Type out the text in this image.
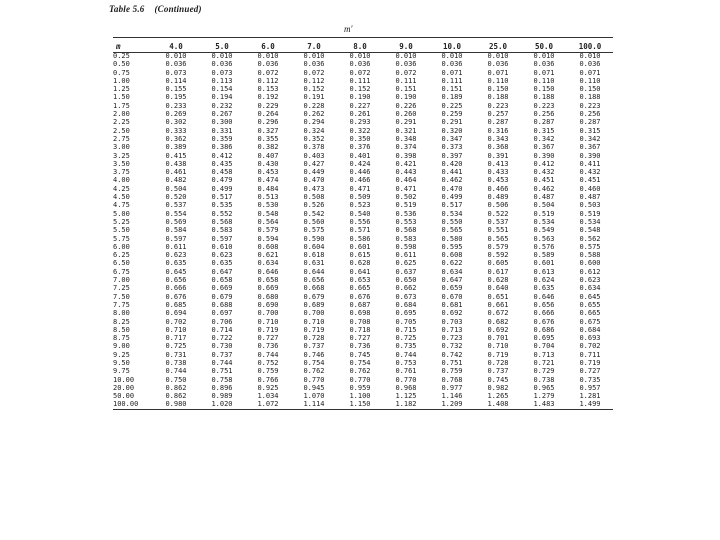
Table 5.6 (Continued)
m'
m	4.0	5.0	6.0	7.0	8.0	9.0	10.0	25.0	50.0	100.0
0.25	0.010	0.010	0.010	0.010	0.010	0.010	0.010	0.010	0.010	0.010
0.50	0.036	0.036	0.036	0.036	0.036	0.036	0.036	0.036	0.036	0.036
0.75	0.073	0.073	0.072	0.072	0.072	0.072	0.071	0.071	0.071	0.071
1.00	0.114	0.113	0.112	0.112	0.111	0.111	0.111	0.110	0.110	0.110
1.25	0.155	0.154	0.153	0.152	0.152	0.151	0.151	0.150	0.150	0.150
1.50	0.195	0.194	0.192	0.191	0.190	0.190	0.189	0.188	0.188	0.188
1.75	0.233	0.232	0.229	0.228	0.227	0.226	0.225	0.223	0.223	0.223
2.00	0.269	0.267	0.264	0.262	0.261	0.260	0.259	0.257	0.256	0.256
2.25	0.302	0.300	0.296	0.294	0.293	0.291	0.291	0.287	0.287	0.287
2.50	0.333	0.331	0.327	0.324	0.322	0.321	0.320	0.316	0.315	0.315
2.75	0.362	0.359	0.355	0.352	0.350	0.348	0.347	0.343	0.342	0.342
3.00	0.389	0.386	0.382	0.378	0.376	0.374	0.373	0.368	0.367	0.367
3.25	0.415	0.412	0.407	0.403	0.401	0.398	0.397	0.391	0.390	0.390
3.50	0.438	0.435	0.430	0.427	0.424	0.421	0.420	0.413	0.412	0.411
3.75	0.461	0.458	0.453	0.449	0.446	0.443	0.441	0.433	0.432	0.432
4.00	0.482	0.479	0.474	0.470	0.466	0.464	0.462	0.453	0.451	0.451
4.25	0.504	0.499	0.484	0.473	0.471	0.471	0.470	0.466	0.462	0.460
4.50	0.520	0.517	0.513	0.508	0.509	0.502	0.499	0.489	0.487	0.487
4.75	0.537	0.535	0.530	0.526	0.523	0.519	0.517	0.506	0.504	0.503
5.00	0.554	0.552	0.548	0.542	0.540	0.536	0.534	0.522	0.519	0.519
5.25	0.569	0.568	0.564	0.560	0.556	0.553	0.550	0.537	0.534	0.534
5.50	0.584	0.583	0.579	0.575	0.571	0.568	0.565	0.551	0.549	0.548
5.75	0.597	0.597	0.594	0.590	0.586	0.583	0.580	0.565	0.563	0.562
6.00	0.611	0.610	0.608	0.604	0.601	0.598	0.595	0.579	0.576	0.575
6.25	0.623	0.623	0.621	0.618	0.615	0.611	0.608	0.592	0.589	0.588
6.50	0.635	0.635	0.634	0.631	0.628	0.625	0.622	0.605	0.601	0.600
6.75	0.645	0.647	0.646	0.644	0.641	0.637	0.634	0.617	0.613	0.612
7.00	0.656	0.658	0.658	0.656	0.653	0.650	0.647	0.628	0.624	0.623
7.25	0.666	0.669	0.669	0.668	0.665	0.662	0.659	0.640	0.635	0.634
7.50	0.676	0.679	0.680	0.679	0.676	0.673	0.670	0.651	0.646	0.645
7.75	0.685	0.688	0.690	0.689	0.687	0.684	0.681	0.661	0.656	0.655
8.00	0.694	0.697	0.700	0.700	0.698	0.695	0.692	0.672	0.666	0.665
8.25	0.702	0.706	0.710	0.710	0.708	0.705	0.703	0.682	0.676	0.675
8.50	0.710	0.714	0.719	0.719	0.718	0.715	0.713	0.692	0.686	0.684
8.75	0.717	0.722	0.727	0.728	0.727	0.725	0.723	0.701	0.695	0.693
9.00	0.725	0.730	0.736	0.737	0.736	0.735	0.732	0.710	0.704	0.702
9.25	0.731	0.737	0.744	0.746	0.745	0.744	0.742	0.719	0.713	0.711
9.50	0.738	0.744	0.752	0.754	0.754	0.753	0.751	0.728	0.721	0.719
9.75	0.744	0.751	0.759	0.762	0.762	0.761	0.759	0.737	0.729	0.727
10.00	0.750	0.758	0.766	0.770	0.770	0.770	0.768	0.745	0.738	0.735
20.00	0.862	0.896	0.925	0.945	0.959	0.968	0.977	0.982	0.965	0.957
50.00	0.862	0.989	1.034	1.070	1.100	1.125	1.146	1.265	1.279	1.281
100.00	0.980	1.020	1.072	1.114	1.150	1.182	1.209	1.408	1.483	1.499
